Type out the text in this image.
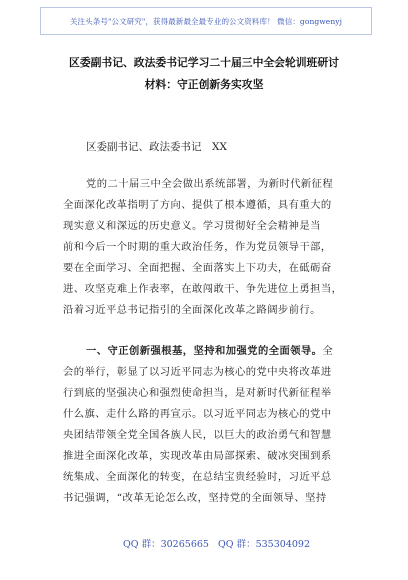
关注头条号"公文研究"，获得最新最全最专业的公文资料库！ 微信：gongwenyj
区委副书记、政法委书记学习二十届三中全会轮训班研讨
材料：守正创新务实攻坚
区委副书记、政法委书记　XX
党的二十届三中全会做出系统部署，为新时代新征程
全面深化改革指明了方向、提供了根本遵循，具有重大的
现实意义和深远的历史意义。学习贯彻好全会精神是当
前和今后一个时期的重大政治任务，作为党员领导干部，
要在全面学习、全面把握、全面落实上下功夫，在砥砺奋
进、攻坚克难上作表率，在敢闯敢干、争先进位上勇担当，
沿着习近平总书记指引的全面深化改革之路阔步前行。
一、守正创新强根基，坚持和加强党的全面领导。全
会的举行，彰显了以习近平同志为核心的党中央将改革进
行到底的坚强决心和强烈使命担当，是对新时代新征程举
什么旗、走什么路的再宣示。以习近平同志为核心的党中
央团结带领全党全国各族人民，以巨大的政治勇气和智慧
推进全面深化改革，实现改革由局部探索、破冰突围到系
统集成、全面深化的转变，在总结宝贵经验时，习近平总
书记强调，“改革无论怎么改，坚持党的全面领导、坚持
QQ 群：30265665 QQ 群：535304092
